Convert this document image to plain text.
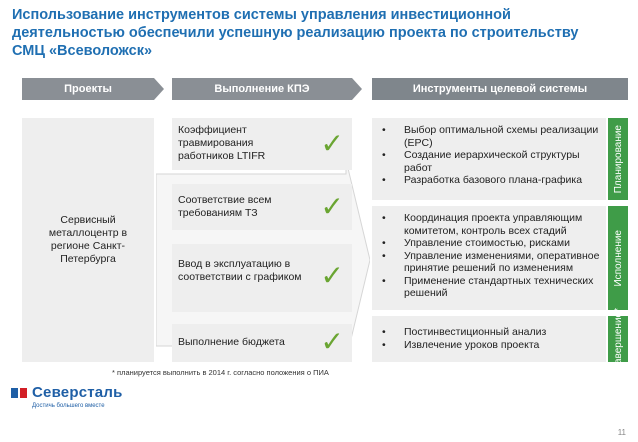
Использование инструментов системы управления инвестиционной деятельностью обеспечили успешную реализацию проекта по строительству СМЦ «Всеволожск»
Проекты	Выполнение КПЭ	Инструменты целевой системы
Сервисный металлоцентр в регионе Санкт-Петербурга
Коэффициент травмирования работников LTIFR ✓
Соответствие всем требованиям ТЗ ✓
Ввод в эксплуатацию в соответствии с графиком ✓
Выполнение бюджета ✓
• Выбор оптимальной схемы реализации (EPC)
• Создание иерархической структуры работ
• Разработка базового плана-графика	Планирование
• Координация проекта управляющим комитетом, контроль всех стадий
• Управление стоимостью, рисками
• Управление изменениями, оперативное принятие решений по изменениям
• Применение стандартных технических решений
Исполнение
• Постинвестиционный анализ
• Извлечение уроков проекта	Завершение*
* планируется выполнить в 2014 г. согласно положения о ПИА
Северсталь
Достичь большего вместе
11
